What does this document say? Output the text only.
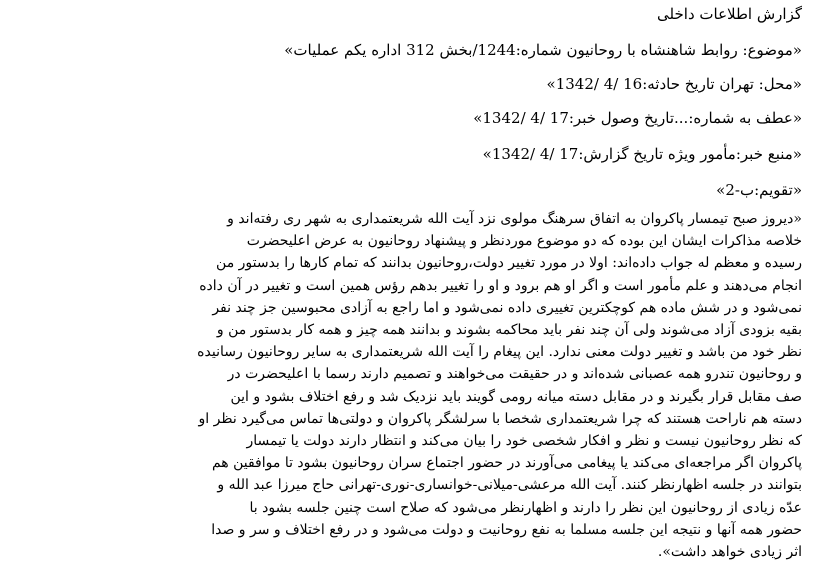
گزارش اطلاعات داخلی

«موضوع: روابط شاهنشاه با روحانیون شماره:1244/بخش 312 اداره یکم عملیات»

«محل: تهران تاریخ حادثه:16 /4 /1342»

«عطف به شماره:...تاریخ وصول خبر:17 /4 /1342»

«منبع خبر:مأمور ویژه تاریخ گزارش:17 /4 /1342»

«تقویم:ب-2»

«دیروز صبح تیمسار پاکروان به اتفاق سرهنگ مولوی نزد آیت الله شریعتمداری به شهر ری رفته‌اند و
خلاصه مذاکرات ایشان این بوده که دو موضوع موردنظر و پیشنهاد روحانیون به عرض اعلیحضرت
رسیده و معظم له جواب داده‌اند: اولا در مورد تغییر دولت،روحانیون بدانند که تمام کارها را بدستور من
انجام می‌دهند و علم مأمور است و اگر او هم برود و او را تغییر بدهم رؤس همین است و تغییر در آن داده
نمی‌شود و در شش ماده هم کوچکترین تغییری داده نمی‌شود و اما راجع به آزادی محبوسین جز چند نفر
بقیه بزودی آزاد می‌شوند ولی آن چند نفر باید محاکمه بشوند و بدانند همه چیز و همه کار بدستور من و
نظر خود من باشد و تغییر دولت معنی ندارد. این پیغام را آیت الله شریعتمداری به سایر روحانیون رسانیده
و روحانیون تندرو همه عصبانی شده‌اند و در حقیقت می‌خواهند و تصمیم دارند رسما با اعلیحضرت در
صف مقابل قرار بگیرند و در مقابل دسته میانه رومی گویند باید نزدیک شد و رفع اختلاف بشود و این
دسته هم ناراحت هستند که چرا شریعتمداری شخصا با سرلشگر پاکروان و دولتی‌ها تماس می‌گیرد نظر او
که نظر روحانیون نیست و نظر و افکار شخصی خود را بیان می‌کند و انتظار دارند دولت یا تیمسار
پاکروان اگر مراجعه‌ای می‌کند یا پیغامی می‌آورند در حضور اجتماع سران روحانیون بشود تا موافقین هم
بتوانند در جلسه اظهارنظر کنند. آیت الله مرعشی-میلانی-خوانساری-نوری-تهرانی حاج میرزا عبد الله و
عدّه زیادی از روحانیون این نظر را دارند و اظهارنظر می‌شود که صلاح است چنین جلسه بشود با
حضور همه آنها و نتیجه این جلسه مسلما به نفع روحانیت و دولت می‌شود و در رفع اختلاف و سر و صدا
اثر زیادی خواهد داشت».
